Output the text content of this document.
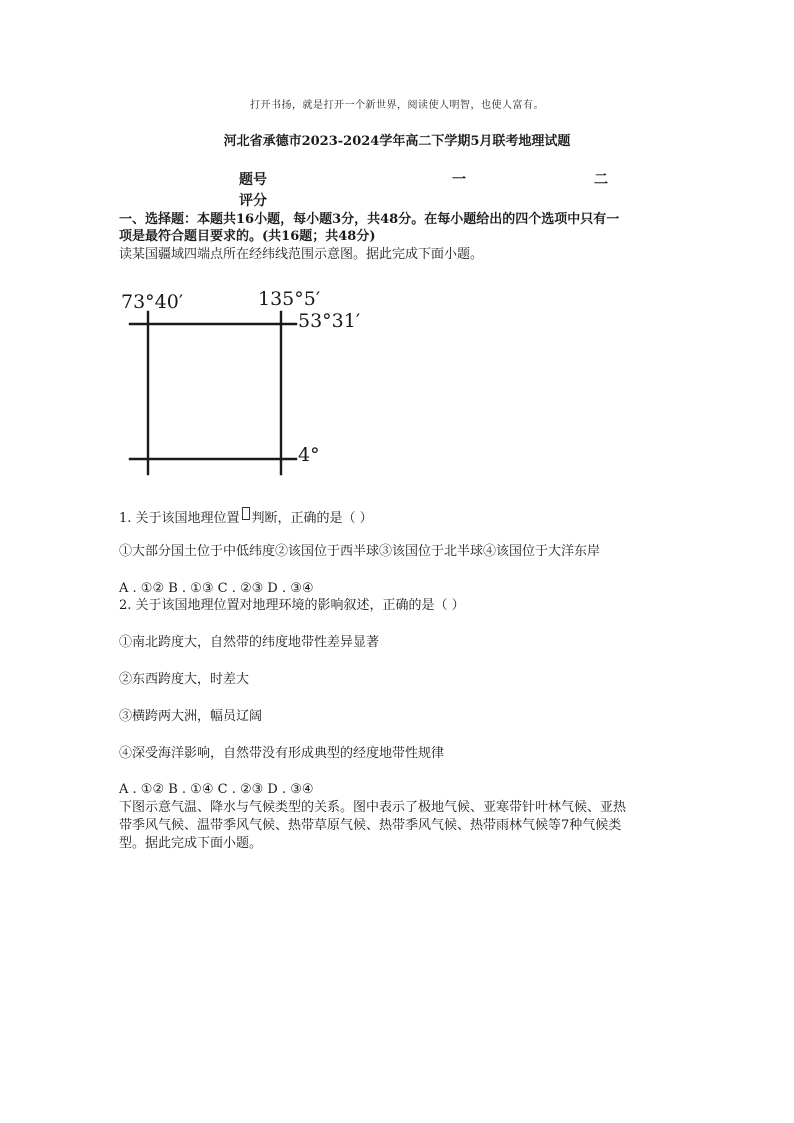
打开书扬，就是打开一个新世界，阅读使人明智，也使人富有。
河北省承德市2023-2024学年高二下学期5月联考地理试题
题号	一	二
评分
一、选择题：本题共16小题，每小题3分，共48分。在每小题给出的四个选项中只有一
项是最符合题目要求的。(共16题；共48分)
读某国疆域四端点所在经纬线范围示意图。据此完成下面小题。
73°40′	135°5′
53°31′
4°
1. 关于该国地理位置 判断，正确的是（ ）
①大部分国土位于中低纬度②该国位于西半球③该国位于北半球④该国位于大洋东岸
A . ①② B . ①③ C . ②③ D . ③④
2. 关于该国地理位置对地理环境的影响叙述，正确的是（ ）
①南北跨度大，自然带的纬度地带性差异显著
②东西跨度大，时差大
③横跨两大洲，幅员辽阔
④深受海洋影响，自然带没有形成典型的经度地带性规律
A . ①② B . ①④ C . ②③ D . ③④
下图示意气温、降水与气候类型的关系。图中表示了极地气候、亚寒带针叶林气候、亚热
带季风气候、温带季风气候、热带草原气候、热带季风气候、热带雨林气候等7种气候类
型。据此完成下面小题。
